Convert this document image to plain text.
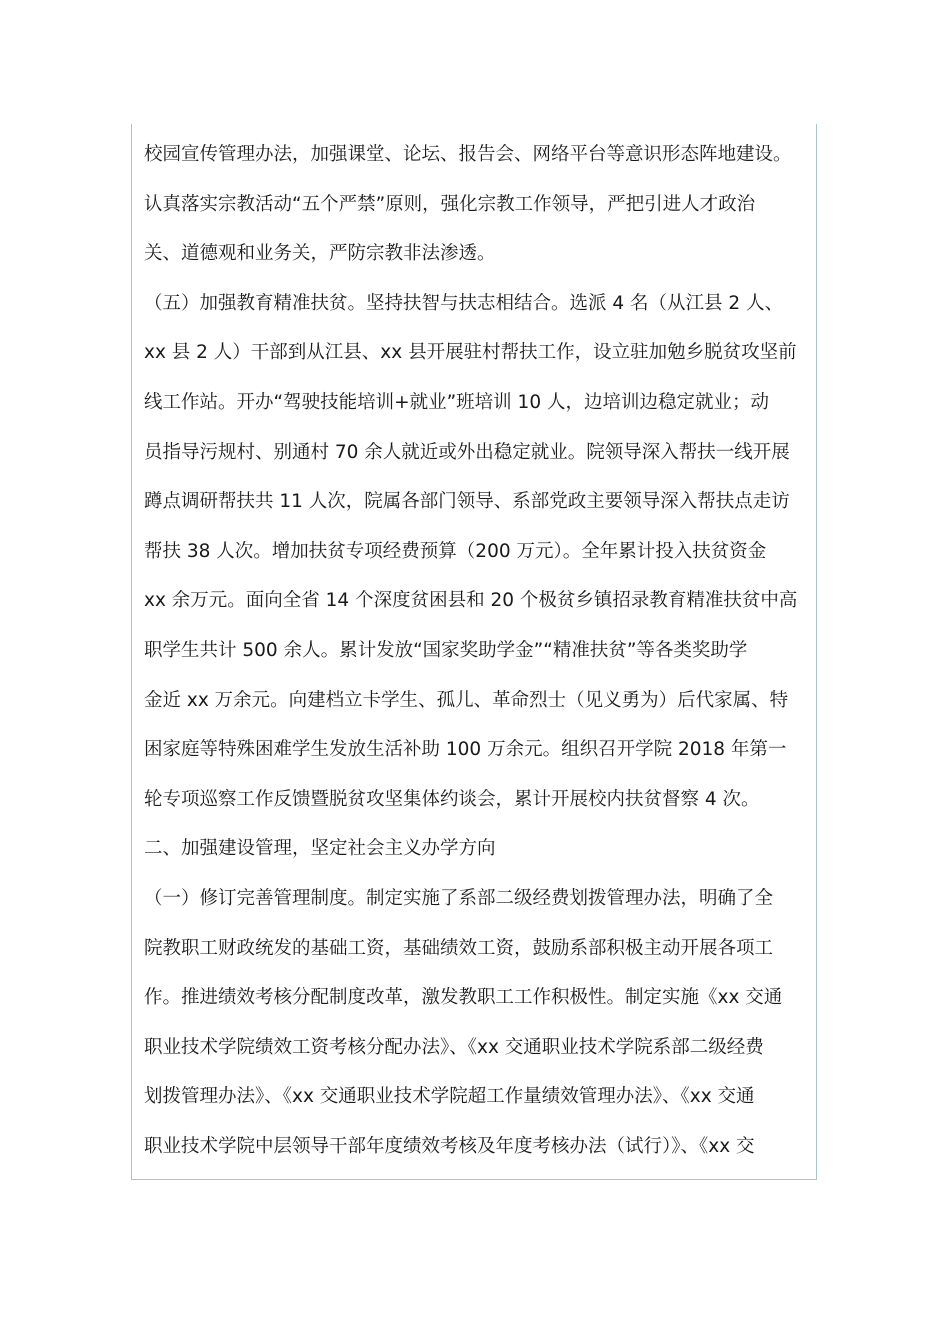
校园宣传管理办法，加强课堂、论坛、报告会、网络平台等意识形态阵地建设。
认真落实宗教活动“五个严禁”原则，强化宗教工作领导，严把引进人才政治
关、道德观和业务关，严防宗教非法渗透。
（五）加强教育精准扶贫。坚持扶智与扶志相结合。选派 4 名（从江县 2 人、
xx 县 2 人）干部到从江县、xx 县开展驻村帮扶工作，设立驻加勉乡脱贫攻坚前
线工作站。开办“驾驶技能培训+就业”班培训 10 人，边培训边稳定就业；动
员指导污规村、别通村 70 余人就近或外出稳定就业。院领导深入帮扶一线开展
蹲点调研帮扶共 11 人次，院属各部门领导、系部党政主要领导深入帮扶点走访
帮扶 38 人次。增加扶贫专项经费预算（200 万元）。全年累计投入扶贫资金
xx 余万元。面向全省 14 个深度贫困县和 20 个极贫乡镇招录教育精准扶贫中高
职学生共计 500 余人。累计发放“国家奖助学金”“精准扶贫”等各类奖助学
金近 xx 万余元。向建档立卡学生、孤儿、革命烈士（见义勇为）后代家属、特
困家庭等特殊困难学生发放生活补助 100 万余元。组织召开学院 2018 年第一
轮专项巡察工作反馈暨脱贫攻坚集体约谈会，累计开展校内扶贫督察 4 次。
二、加强建设管理，坚定社会主义办学方向
（一）修订完善管理制度。制定实施了系部二级经费划拨管理办法，明确了全
院教职工财政统发的基础工资，基础绩效工资，鼓励系部积极主动开展各项工
作。推进绩效考核分配制度改革，激发教职工工作积极性。制定实施《xx 交通
职业技术学院绩效工资考核分配办法》、《xx 交通职业技术学院系部二级经费
划拨管理办法》、《xx 交通职业技术学院超工作量绩效管理办法》、《xx 交通
职业技术学院中层领导干部年度绩效考核及年度考核办法（试行）》、《xx 交
